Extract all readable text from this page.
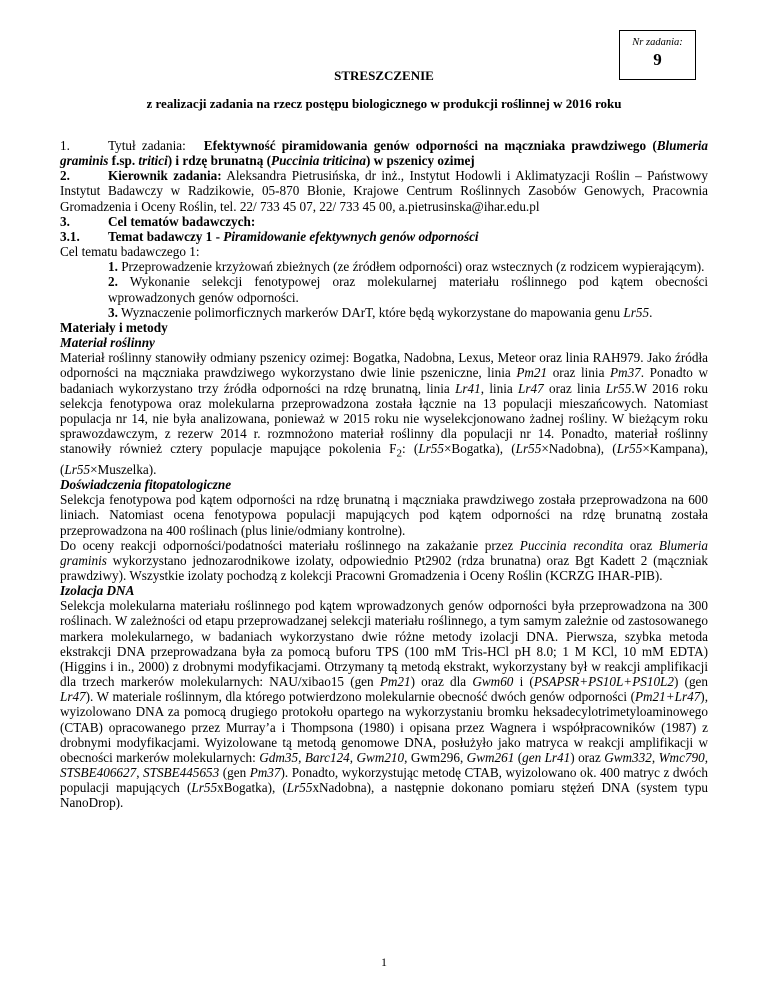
Nr zadania:
9
STRESZCZENIE
z realizacji zadania na rzecz postępu biologicznego w produkcji roślinnej w 2016 roku

1.	Tytuł zadania: Efektywność piramidowania genów odporności na mączniaka prawdziwego (Blumeria graminis f.sp. tritici) i rdzę brunatną (Puccinia triticina) w pszenicy ozimej

2.	Kierownik zadania: Aleksandra Pietrusińska, dr inż., Instytut Hodowli i Aklimatyzacji Roślin – Państwowy Instytut Badawczy w Radzikowie, 05-870 Błonie, Krajowe Centrum Roślinnych Zasobów Genowych, Pracownia Gromadzenia i Oceny Roślin, tel. 22/ 733 45 07, 22/ 733 45 00, a.pietrusinska@ihar.edu.pl

3.	Cel tematów badawczych:

3.1. Temat badawczy 1 - Piramidowanie efektywnych genów odporności

Cel tematu badawczego 1:

1. Przeprowadzenie krzyżowań zbieżnych (ze źródłem odporności) oraz wstecznych (z rodzicem wypierającym).

2. Wykonanie selekcji fenotypowej oraz molekularnej materiału roślinnego pod kątem obecności wprowadzonych genów odporności.

3. Wyznaczenie polimorficznych markerów DArT, które będą wykorzystane do mapowania genu Lr55.

Materiały i metody

Materiał roślinny

Materiał roślinny stanowiły odmiany pszenicy ozimej: Bogatka, Nadobna, Lexus, Meteor oraz linia RAH979. Jako źródła odporności na mączniaka prawdziwego wykorzystano dwie linie pszeniczne, linia Pm21 oraz linia Pm37. Ponadto w badaniach wykorzystano trzy źródła odporności na rdzę brunatną, linia Lr41, linia Lr47 oraz linia Lr55.W 2016 roku selekcja fenotypowa oraz molekularna przeprowadzona została łącznie na 13 populacji mieszańcowych. Natomiast populacja nr 14, nie była analizowana, ponieważ w 2015 roku nie wyselekcjonowano żadnej rośliny. W bieżącym roku sprawozdawczym, z rezerw 2014 r. rozmnożono materiał roślinny dla populacji nr 14. Ponadto, materiał roślinny stanowiły również cztery populacje mapujące pokolenia $F_2$: (Lr55×Bogatka), (Lr55×Nadobna), (Lr55×Kampana), (Lr55×Muszelka).

Doświadczenia fitopatologiczne

Selekcja fenotypowa pod kątem odporności na rdzę brunatną i mączniaka prawdziwego została przeprowadzona na 600 liniach. Natomiast ocena fenotypowa populacji mapujących pod kątem odporności na rdzę brunatną została przeprowadzona na 400 roślinach (plus linie/odmiany kontrolne).

Do oceny reakcji odporności/podatności materiału roślinnego na zakażanie przez Puccinia recondita oraz Blumeria graminis wykorzystano jednozarodnikowe izolaty, odpowiednio Pt2902 (rdza brunatna) oraz Bgt Kadett 2 (mączniak prawdziwy). Wszystkie izolaty pochodzą z kolekcji Pracowni Gromadzenia i Oceny Roślin (KCRZG IHAR-PIB).

Izolacja DNA

Selekcja molekularna materiału roślinnego pod kątem wprowadzonych genów odporności była przeprowadzona na 300 roślinach. W zależności od etapu przeprowadzanej selekcji materiału roślinnego, a tym samym zależnie od zastosowanego markera molekularnego, w badaniach wykorzystano dwie różne metody izolacji DNA. Pierwsza, szybka metoda ekstrakcji DNA przeprowadzana była za pomocą buforu TPS (100 mM Tris-HCl pH 8.0; 1 M KCl, 10 mM EDTA) (Higgins i in., 2000) z drobnymi modyfikacjami. Otrzymany tą metodą ekstrakt, wykorzystany był w reakcji amplifikacji dla trzech markerów molekularnych: NAU/xibao15 (gen Pm21) oraz dla Gwm60 i (PSAPSR+PS10L+PS10L2) (gen Lr47). W materiale roślinnym, dla którego potwierdzono molekularnie obecność dwóch genów odporności (Pm21+Lr47), wyizolowano DNA za pomocą drugiego protokołu opartego na wykorzystaniu bromku heksadecylotrimetyloaminowego (CTAB) opracowanego przez Murray’a i Thompsona (1980) i opisana przez Wagnera i współpracowników (1987) z drobnymi modyfikacjami. Wyizolowane tą metodą genomowe DNA, posłużyło jako matryca w reakcji amplifikacji w obecności markerów molekularnych: Gdm35, Barc124, Gwm210, Gwm296, Gwm261 (gen Lr41) oraz Gwm332, Wmc790, STSBE406627, STSBE445653 (gen Pm37). Ponadto, wykorzystując metodę CTAB, wyizolowano ok. 400 matryc z dwóch populacji mapujących (Lr55xBogatka), (Lr55xNadobna), a następnie dokonano pomiaru stężeń DNA (system typu NanoDrop).

1
